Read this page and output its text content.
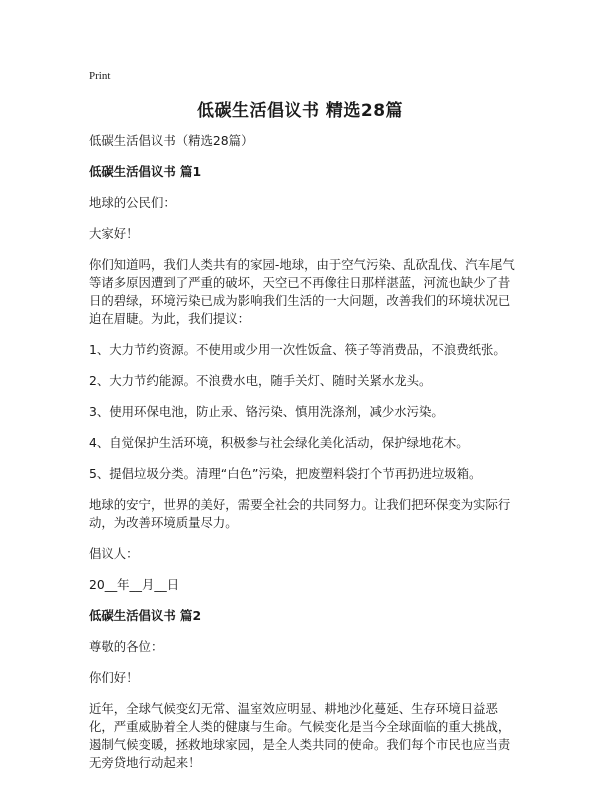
Print
低碳生活倡议书 精选28篇

低碳生活倡议书（精选28篇）

低碳生活倡议书 篇1

地球的公民们：

大家好！

你们知道吗，我们人类共有的家园-地球，由于空气污染、乱砍乱伐、汽车尾气等诸多原因遭到了严重的破坏，天空已不再像往日那样湛蓝，河流也缺少了昔日的碧绿，环境污染已成为影响我们生活的一大问题，改善我们的环境状况已迫在眉睫。为此，我们提议：

1、大力节约资源。不使用或少用一次性饭盒、筷子等消费品，不浪费纸张。

2、大力节约能源。不浪费水电，随手关灯、随时关紧水龙头。

3、使用环保电池，防止汞、铬污染、慎用洗涤剂，减少水污染。

4、自觉保护生活环境，积极参与社会绿化美化活动，保护绿地花木。

5、提倡垃圾分类。清理“白色”污染，把废塑料袋打个节再扔进垃圾箱。

地球的安宁，世界的美好，需要全社会的共同努力。让我们把环保变为实际行动，为改善环境质量尽力。

倡议人：

20__年__月__日

低碳生活倡议书 篇2

尊敬的各位：

你们好！

近年，全球气候变幻无常、温室效应明显、耕地沙化蔓延、生存环境日益恶化，严重威胁着全人类的健康与生命。气候变化是当今全球面临的重大挑战，遏制气候变暖，拯救地球家园，是全人类共同的使命。我们每个市民也应当责无旁贷地行动起来！
